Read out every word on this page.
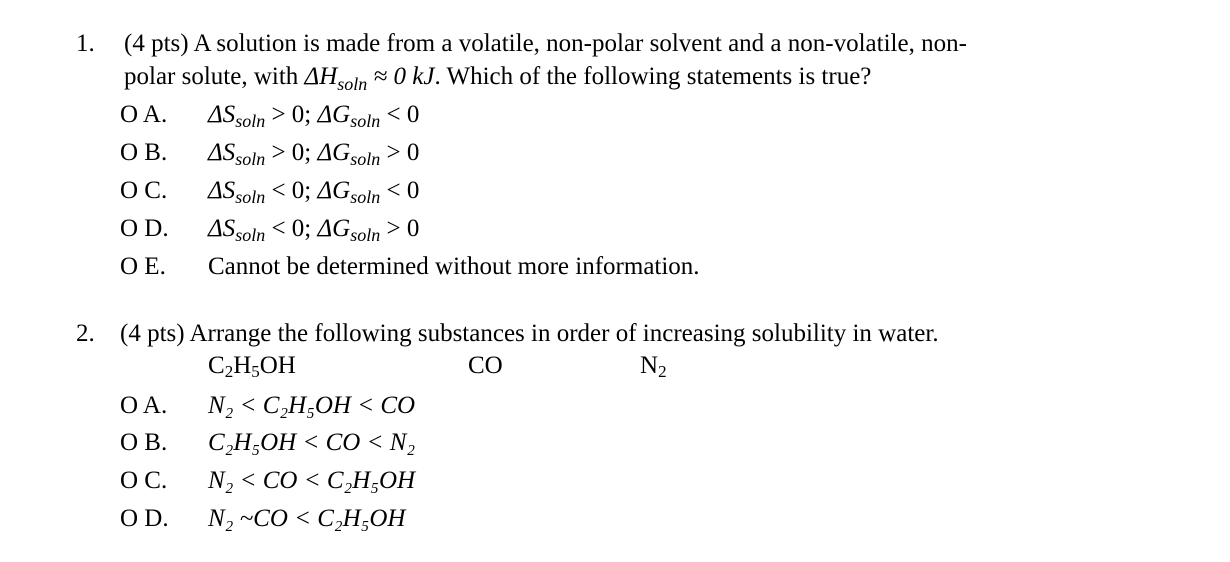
1. (4 pts) A solution is made from a volatile, non-polar solvent and a non-volatile, non-
polar solute, with $\Delta H_{soln} \approx 0$ kJ. Which of the following statements is true?
O A. $\Delta S_{soln} > 0$; $\Delta G_{soln} < 0$
O B. $\Delta S_{soln} > 0$; $\Delta G_{soln} > 0$
O C. $\Delta S_{soln} < 0$; $\Delta G_{soln} < 0$
O D. $\Delta S_{soln} < 0$; $\Delta G_{soln} > 0$
O E. Cannot be determined without more information.
2. (4 pts) Arrange the following substances in order of increasing solubility in water.
$C_2H_5OH$	CO	$N_2$
O A. N₂ < C₂H₅OH < CO
O B. C₂H₅OH < CO < N₂
O C. N₂ < CO < C₂H₅OH
O D. N₂ ~CO < C₂H₅OH
